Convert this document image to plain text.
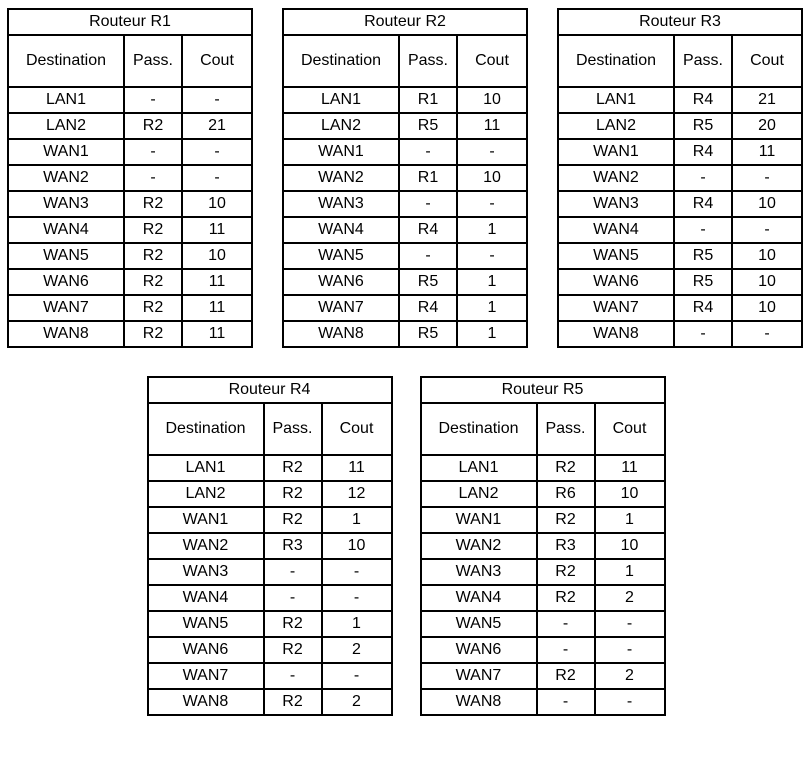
Routeur R1		
Destination	Pass.	Cout
LAN1	-	-
LAN2	R2	21
WAN1	-	-
WAN2	-	-
WAN3	R2	10
WAN4	R2	11
WAN5	R2	10
WAN6	R2	11
WAN7	R2	11
WAN8	R2	11
Routeur R2		
Destination	Pass.	Cout
LAN1	R1	10
LAN2	R5	11
WAN1	-	-
WAN2	R1	10
WAN3	-	-
WAN4	R4	1
WAN5	-	-
WAN6	R5	1
WAN7	R4	1
WAN8	R5	1
Routeur R3		
Destination	Pass.	Cout
LAN1	R4	21
LAN2	R5	20
WAN1	R4	11
WAN2	-	-
WAN3	R4	10
WAN4	-	-
WAN5	R5	10
WAN6	R5	10
WAN7	R4	10
WAN8	-	-
Routeur R4		
Destination	Pass.	Cout
LAN1	R2	11
LAN2	R2	12
WAN1	R2	1
WAN2	R3	10
WAN3	-	-
WAN4	-	-
WAN5	R2	1
WAN6	R2	2
WAN7	-	-
WAN8	R2	2
Routeur R5		
Destination	Pass.	Cout
LAN1	R2	11
LAN2	R6	10
WAN1	R2	1
WAN2	R3	10
WAN3	R2	1
WAN4	R2	2
WAN5	-	-
WAN6	-	-
WAN7	R2	2
WAN8	-	-
